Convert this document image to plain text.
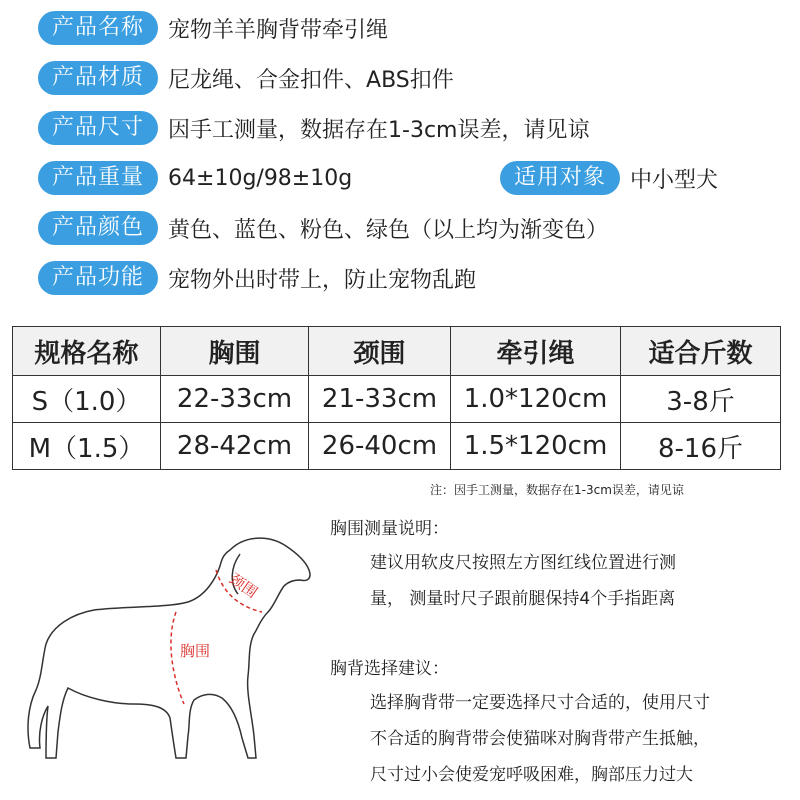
产品名称	宠物羊羊胸背带牵引绳
产品材质	尼龙绳、合金扣件、ABS扣件
产品尺寸	因手工测量，数据存在1-3cm误差，请见谅
产品重量	64±10g/98±10g	适用对象	中小型犬
产品颜色	黄色、蓝色、粉色、绿色（以上均为渐变色）
产品功能	宠物外出时带上，防止宠物乱跑
规格名称	胸围	颈围	牵引绳	适合斤数
S（1.0）	22-33cm	21-33cm	1.0*120cm	3-8斤
M（1.5）	28-42cm	26-40cm	1.5*120cm	8-16斤
注：因手工测量，数据存在1-3cm误差，请见谅
颈围
胸围
胸围测量说明：
建议用软皮尺按照左方图红线位置进行测
量， 测量时尺子跟前腿保持4个手指距离
胸背选择建议：
选择胸背带一定要选择尺寸合适的，使用尺寸
不合适的胸背带会使猫咪对胸背带产生抵触，
尺寸过小会使爱宠呼吸困难，胸部压力过大
